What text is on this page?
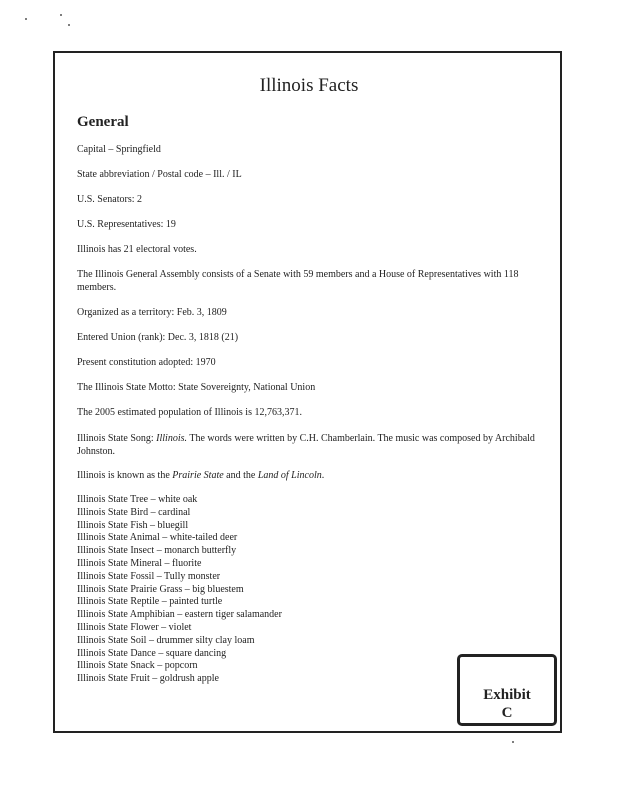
Illinois Facts
General
Capital – Springfield
State abbreviation / Postal code – Ill. / IL
U.S. Senators: 2
U.S. Representatives: 19
Illinois has 21 electoral votes.
The Illinois General Assembly consists of a Senate with 59 members and a House of Representatives with 118 members.
Organized as a territory: Feb. 3, 1809
Entered Union (rank): Dec. 3, 1818 (21)
Present constitution adopted: 1970
The Illinois State Motto: State Sovereignty, National Union
The 2005 estimated population of Illinois is 12,763,371.
Illinois State Song: Illinois. The words were written by C.H. Chamberlain. The music was composed by Archibald Johnston.
Illinois is known as the Prairie State and the Land of Lincoln.
Illinois State Tree – white oak
Illinois State Bird – cardinal
Illinois State Fish – bluegill
Illinois State Animal – white-tailed deer
Illinois State Insect – monarch butterfly
Illinois State Mineral – fluorite
Illinois State Fossil – Tully monster
Illinois State Prairie Grass – big bluestem
Illinois State Reptile – painted turtle
Illinois State Amphibian – eastern tiger salamander
Illinois State Flower – violet
Illinois State Soil – drummer silty clay loam
Illinois State Dance – square dancing
Illinois State Snack – popcorn
Illinois State Fruit – goldrush apple
Exhibit
C
